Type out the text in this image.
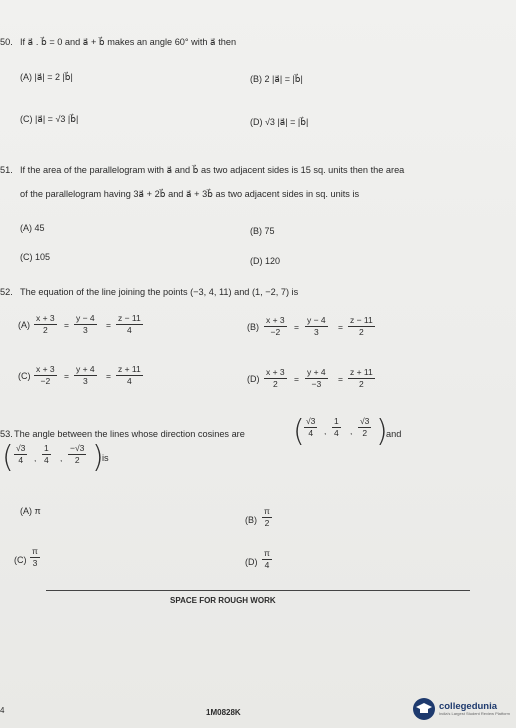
50. If a⃗ . b⃗ = 0 and a⃗ + b⃗ makes an angle 60° with a⃗ then
(A) |a⃗| = 2 |b⃗|	(B) 2 |a⃗| = |b⃗|
(C) |a⃗| = √3 |b⃗|	(D) √3 |a⃗| = |b⃗|
51. If the area of the parallelogram with a⃗ and b⃗ as two adjacent sides is 15 sq. units then the area
of the parallelogram having 3a⃗ + 2b⃗ and a⃗ + 3b⃗ as two adjacent sides in sq. units is
(A) 45	(B) 75
(C) 105	(D) 120
52. The equation of the line joining the points (−3, 4, 11) and (1, −2, 7) is
$(A) \frac{x + 3}{2} = \frac{y - 4}{3} = \frac{z - 11}{4}$	$(B) \frac{x + 3}{-2} = \frac{y - 4}{3} = \frac{z - 11}{2}$
$(C) \frac{x + 3}{-2} = \frac{y + 4}{3} = \frac{z + 11}{4}$	$(D) \frac{x + 3}{2} = \frac{y + 4}{-3} = \frac{z + 11}{2}$
53. The angle between the lines whose direction cosines are ( $\frac{√3}{4}$ , $\frac{1}{4}$ , $\frac{√3}{2}$ )
and
( $\frac{√3}{4}$ , $\frac{1}{4}$ , $\frac{-√3}{2}$ )
is
(A) π
$(B) \frac{\pi}{2}$
$(C) \frac{\pi}{3}$	$(D) \frac{\pi}{4}$
SPACE FOR ROUGH WORK
4	1M0828K
collegedunia
India's Largest Student Review Platform
